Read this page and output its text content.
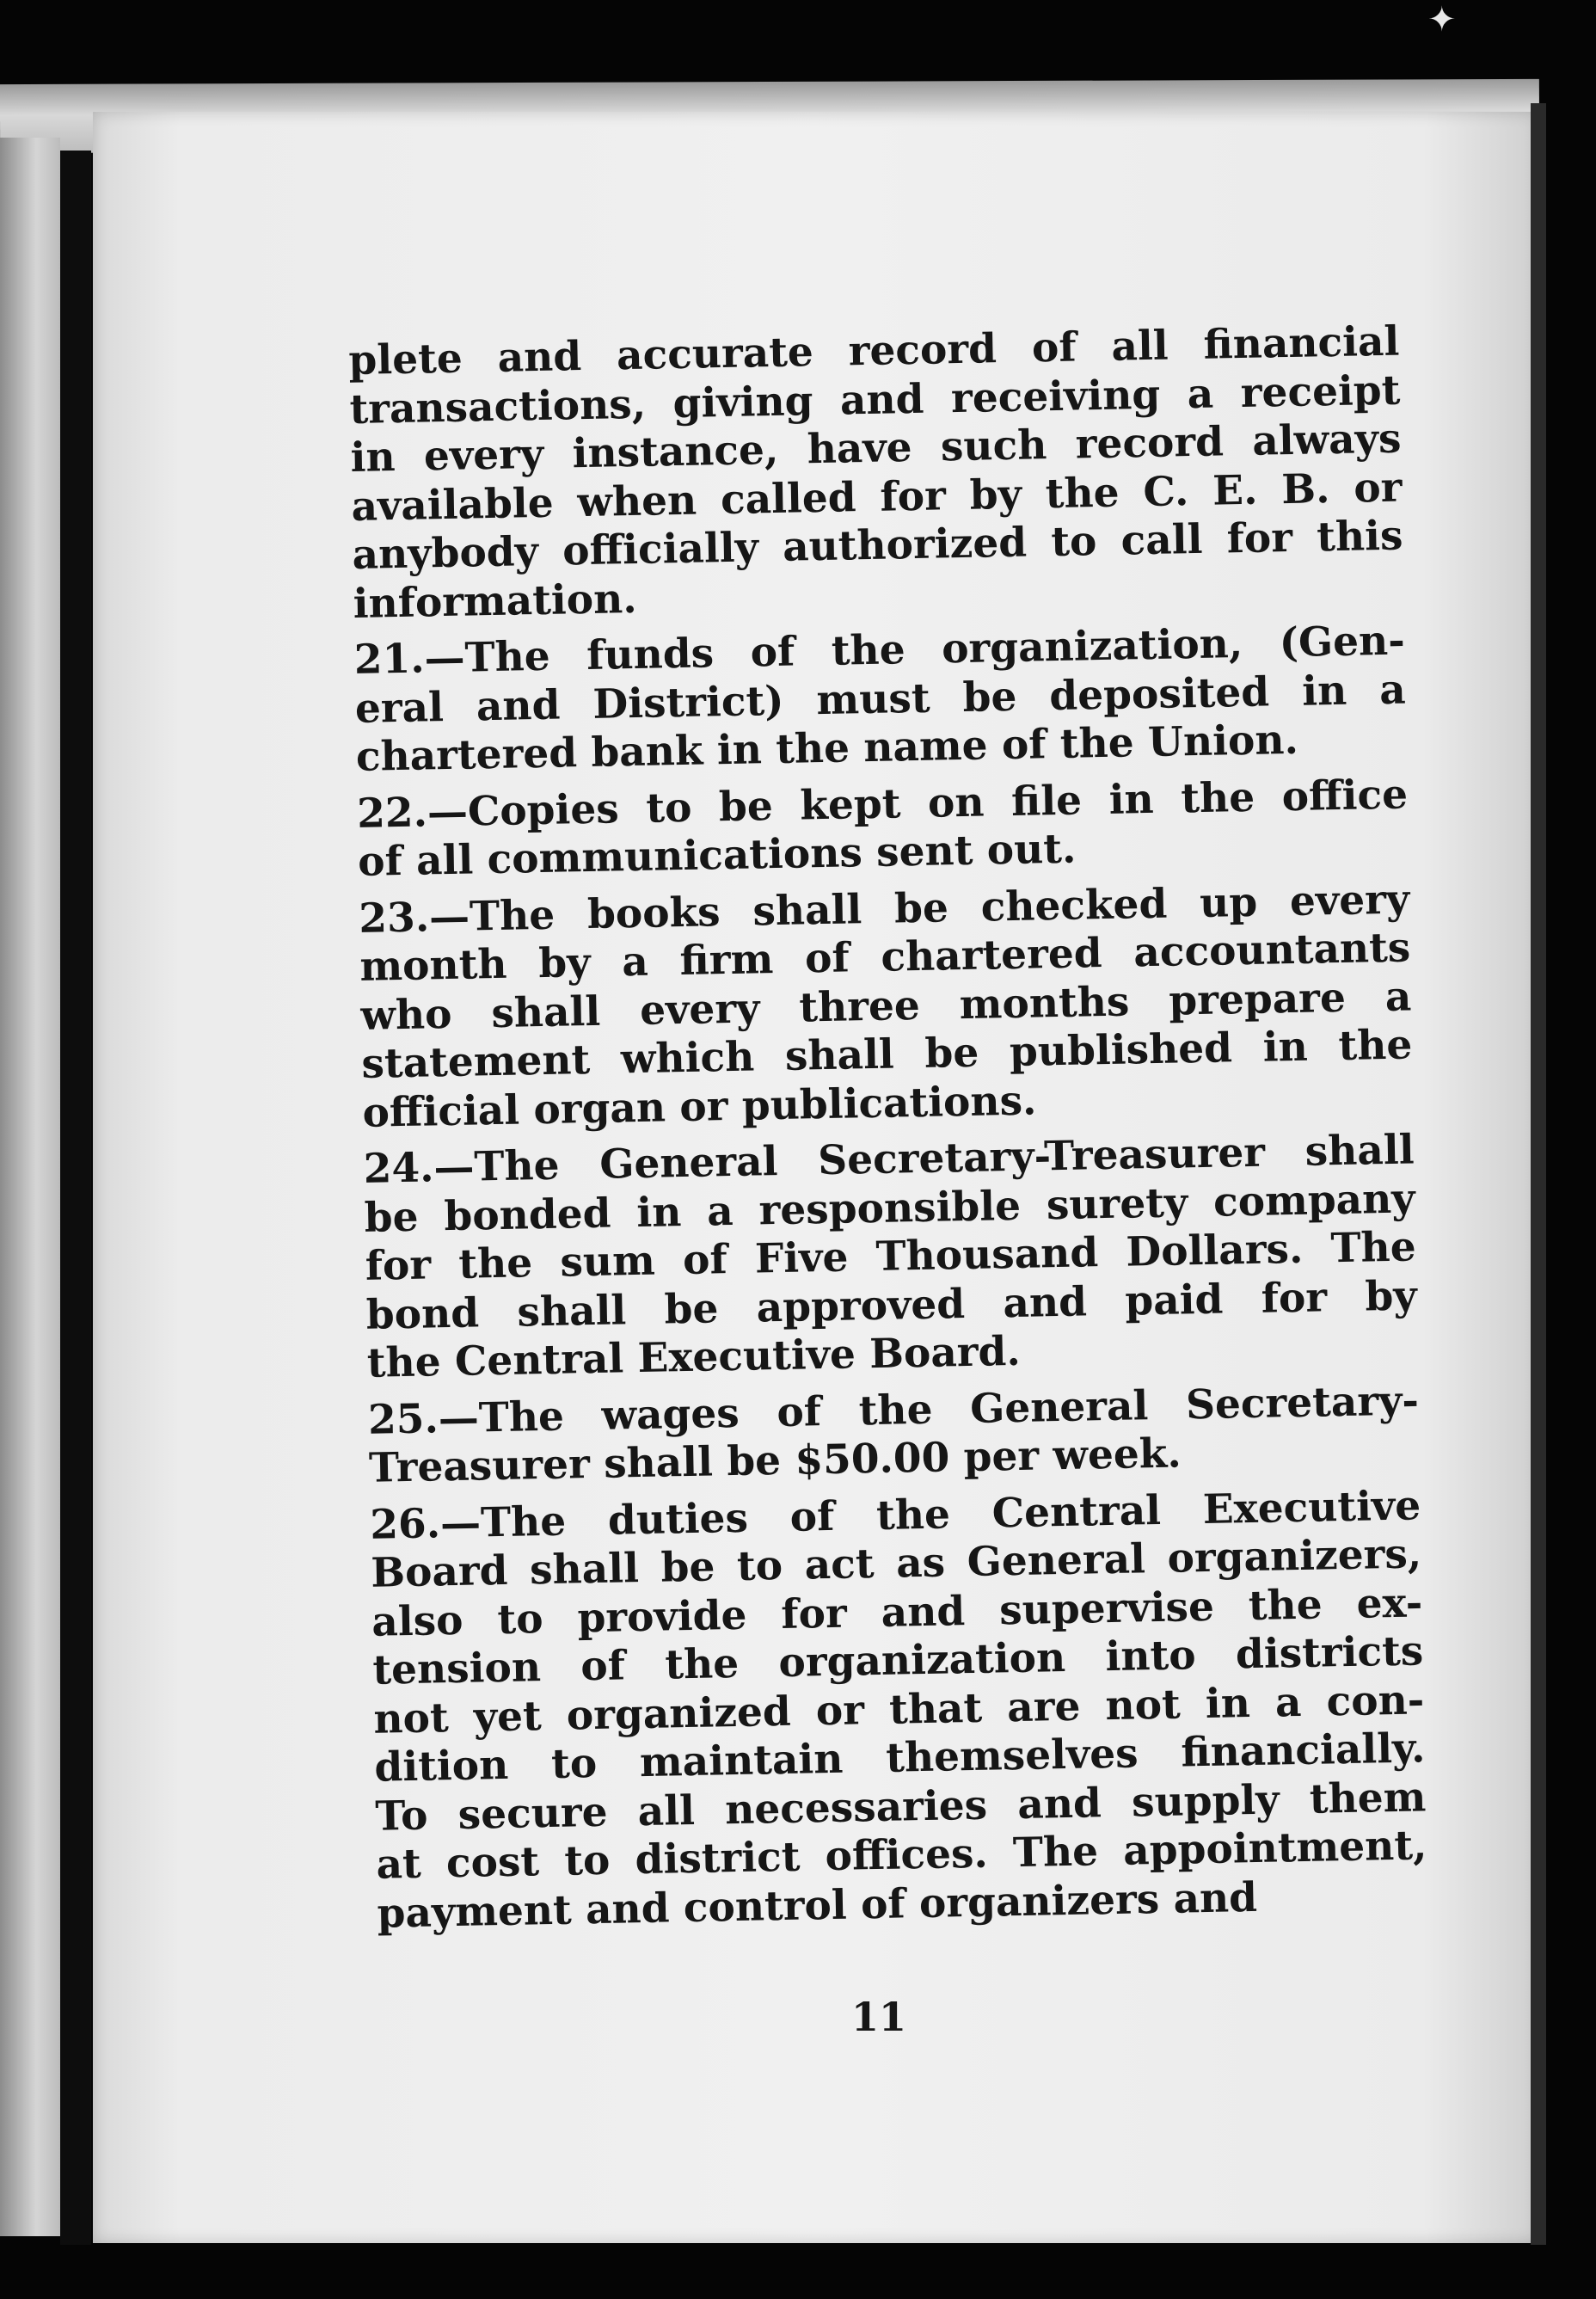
✦

plete and accurate record of all financial
transactions, giving and receiving a receipt
in every instance, have such record always
available when called for by the C. E. B. or
anybody officially authorized to call for this
information.

21.—The funds of the organization, (Gen-
eral and District) must be deposited in a
chartered bank in the name of the Union.

22.—Copies to be kept on file in the office
of all communications sent out.

23.—The books shall be checked up every
month by a firm of chartered accountants
who shall every three months prepare a
statement which shall be published in the
official organ or publications.

24.—The General Secretary-Treasurer shall
be bonded in a responsible surety company
for the sum of Five Thousand Dollars. The
bond shall be approved and paid for by
the Central Executive Board.

25.—The wages of the General Secretary-
Treasurer shall be $50.00 per week.

26.—The duties of the Central Executive
Board shall be to act as General organizers,
also to provide for and supervise the ex-
tension of the organization into districts
not yet organized or that are not in a con-
dition to maintain themselves financially.
To secure all necessaries and supply them
at cost to district offices. The appointment,
payment and control of organizers and

11
